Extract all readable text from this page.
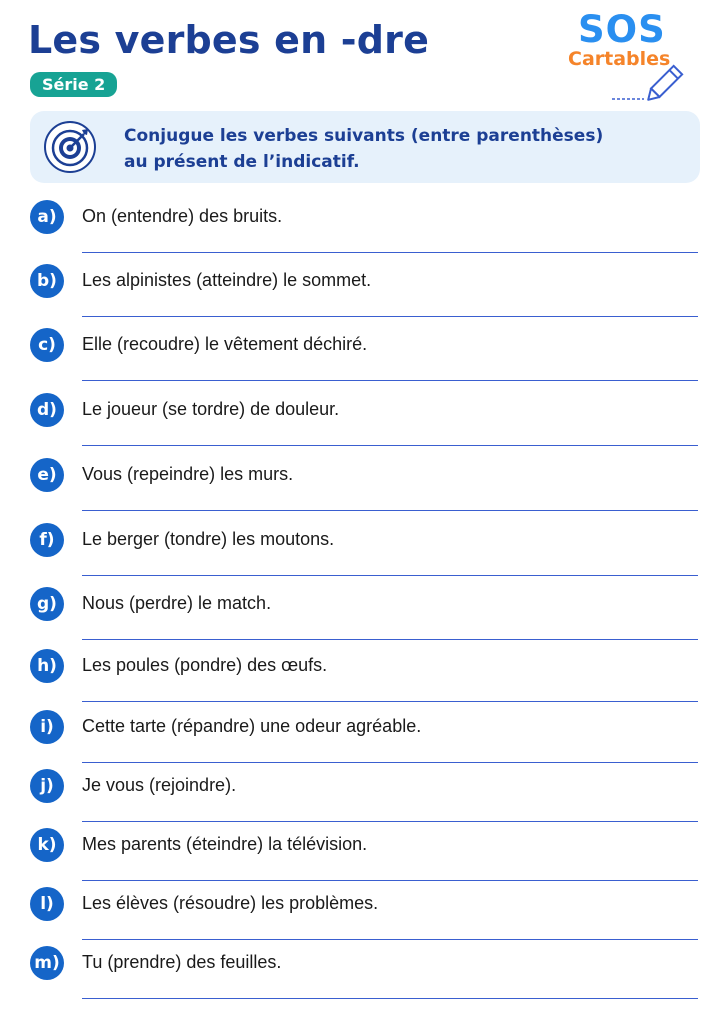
Les verbes en -dre
Série 2
SOS
Cartables
Conjugue les verbes suivants (entre parenthèses)
au présent de l’indicatif.
a)	On (entendre) des bruits.
b)	Les alpinistes (atteindre) le sommet.
c)	Elle (recoudre) le vêtement déchiré.
d)	Le joueur (se tordre) de douleur.
e)	Vous (repeindre) les murs.
f)	Le berger (tondre) les moutons.
g)	Nous (perdre) le match.
h)	Les poules (pondre) des œufs.
i)	Cette tarte (répandre) une odeur agréable.
j)	Je vous (rejoindre).
k)	Mes parents (éteindre) la télévision.
l)	Les élèves (résoudre) les problèmes.
m) Tu (prendre) des feuilles.
